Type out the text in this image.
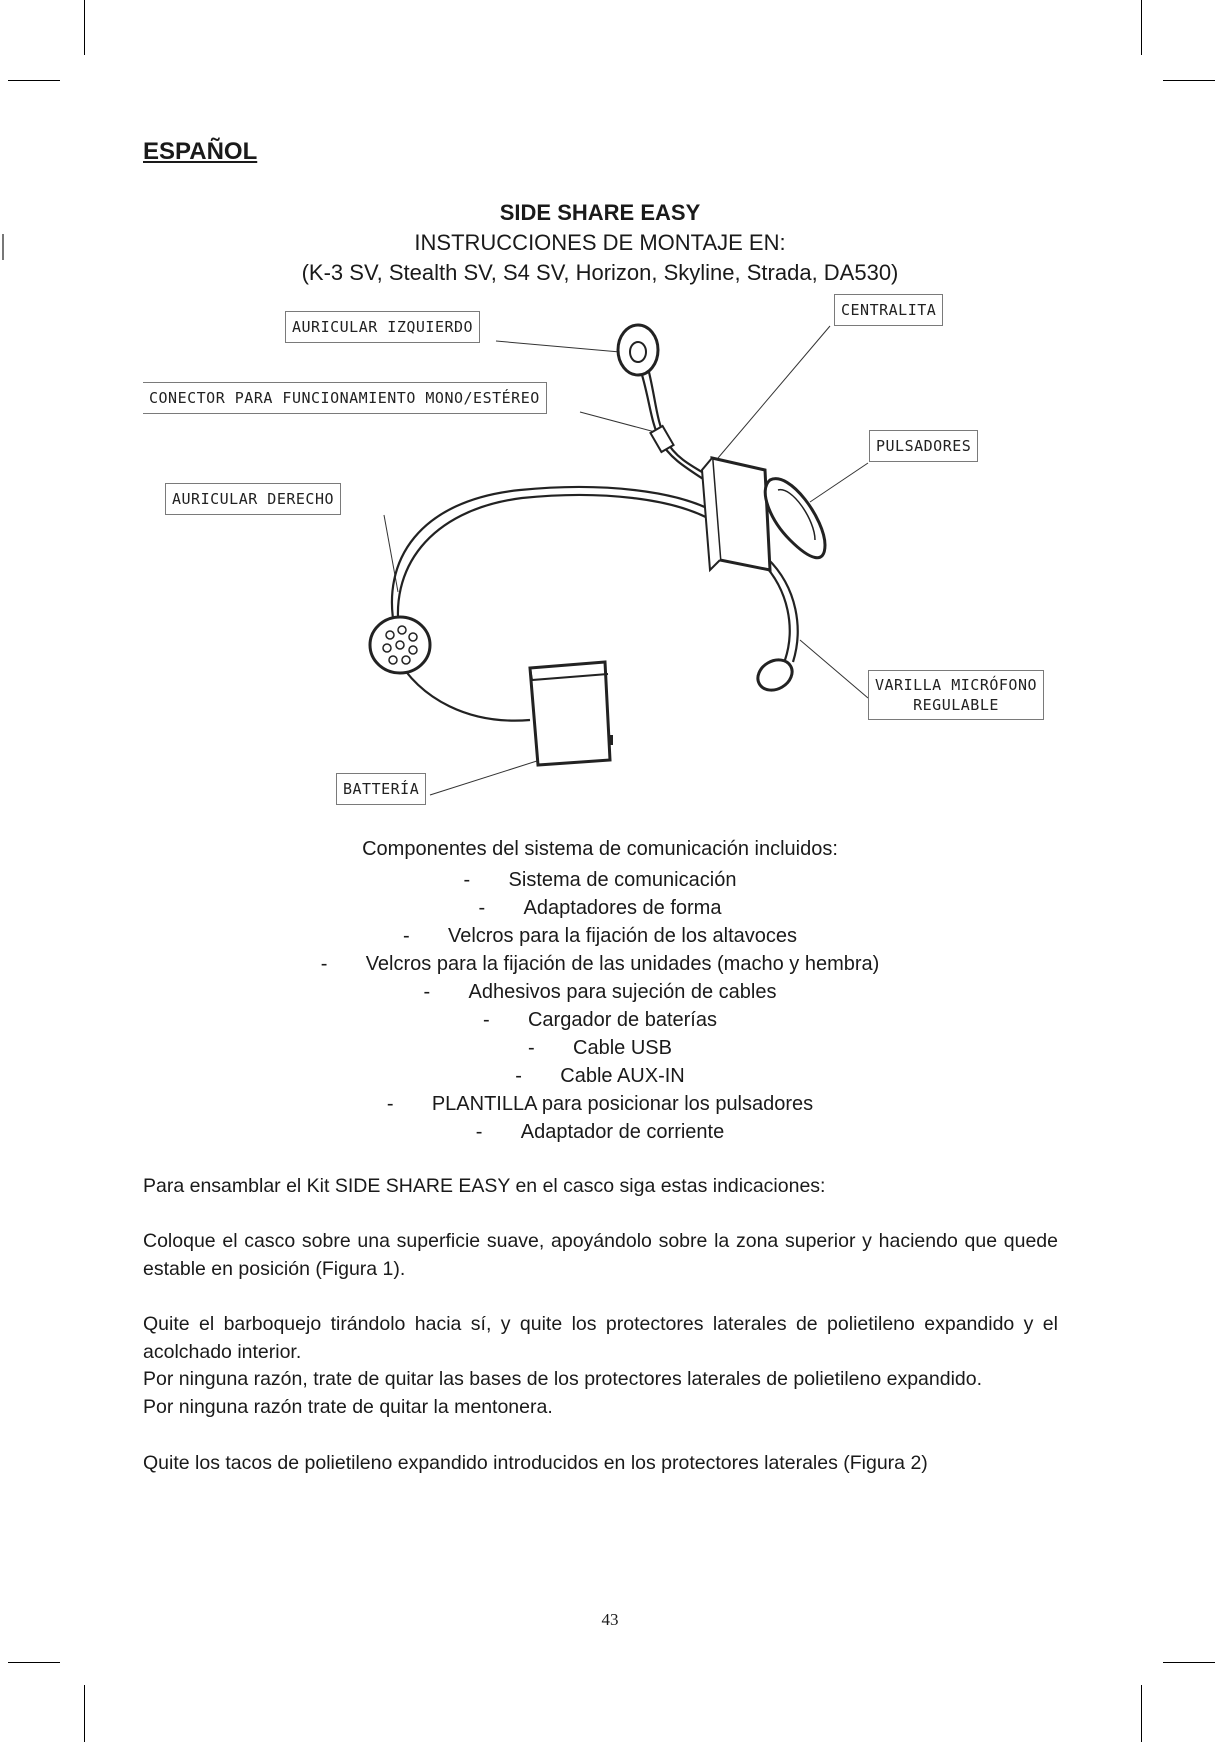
ESPAÑOL
SIDE SHARE EASY
INSTRUCCIONES DE MONTAJE EN:
(K-3 SV, Stealth SV, S4 SV, Horizon, Skyline, Strada, DA530)
AURICULAR IZQUIERDO
CENTRALITA
CONECTOR PARA FUNCIONAMIENTO MONO/ESTÉREO
PULSADORES
AURICULAR DERECHO
VARILLA MICRÓFONO
REGULABLE
BATTERÍA
Componentes del sistema de comunicación incluidos:
- Sistema de comunicación
- Adaptadores de forma
- Velcros para la fijación de los altavoces
- Velcros para la fijación de las unidades (macho y hembra)
- Adhesivos para sujeción de cables
- Cargador de baterías
- Cable USB
- Cable AUX-IN
- PLANTILLA para posicionar los pulsadores
- Adaptador de corriente
Para ensamblar el Kit SIDE SHARE EASY en el casco siga estas indicaciones:
Coloque el casco sobre una superficie suave, apoyándolo sobre la zona superior y haciendo que quede estable en posición (Figura 1).
Quite el barboquejo tirándolo hacia sí, y quite los protectores laterales de polietileno expandido y el acolchado interior.
Por ninguna razón, trate de quitar las bases de los protectores laterales de polietileno expandido.
Por ninguna razón trate de quitar la mentonera.
Quite los tacos de polietileno expandido introducidos en los protectores laterales (Figura 2)
43
